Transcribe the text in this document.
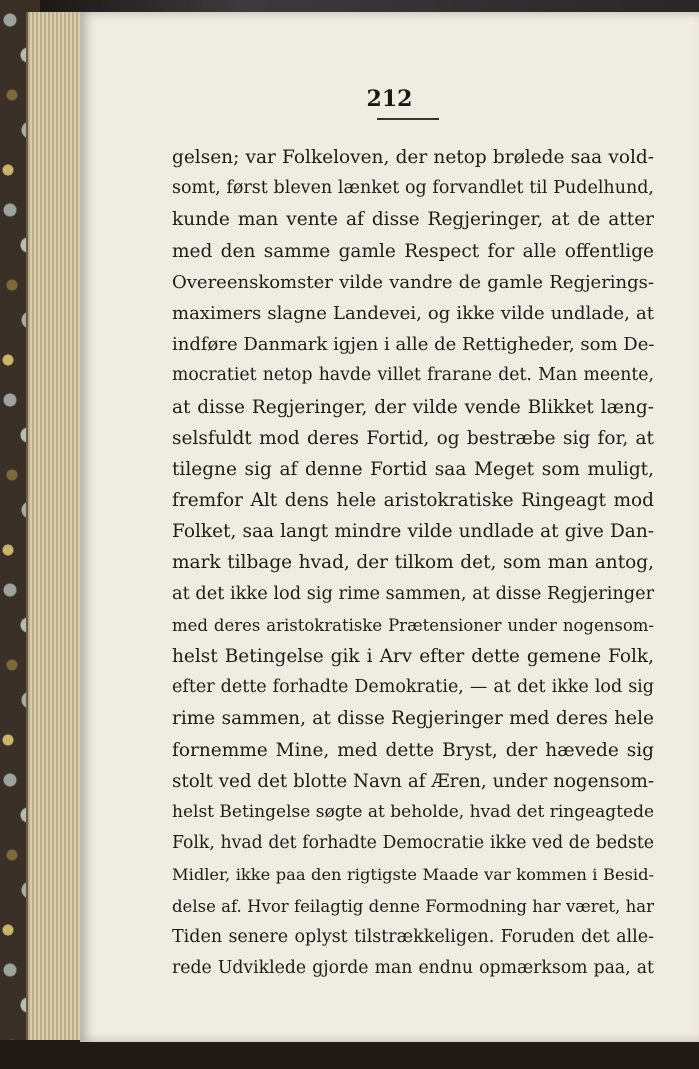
212
gelsen; var Folkeloven, der netop brølede saa vold-
somt, først bleven lænket og forvandlet til Pudelhund,
kunde man vente af disse Regjeringer, at de atter
med den samme gamle Respect for alle offentlige
Overeenskomster vilde vandre de gamle Regjerings-
maximers slagne Landevei, og ikke vilde undlade, at
indføre Danmark igjen i alle de Rettigheder, som De-
mocratiet netop havde villet frarane det. Man meente,
at disse Regjeringer, der vilde vende Blikket læng-
selsfuldt mod deres Fortid, og bestræbe sig for, at
tilegne sig af denne Fortid saa Meget som muligt,
fremfor Alt dens hele aristokratiske Ringeagt mod
Folket, saa langt mindre vilde undlade at give Dan-
mark tilbage hvad, der tilkom det, som man antog,
at det ikke lod sig rime sammen, at disse Regjeringer
med deres aristokratiske Prætensioner under nogensom-
helst Betingelse gik i Arv efter dette gemene Folk,
efter dette forhadte Demokratie, — at det ikke lod sig
rime sammen, at disse Regjeringer med deres hele
fornemme Mine, med dette Bryst, der hævede sig
stolt ved det blotte Navn af Æren, under nogensom-
helst Betingelse søgte at beholde, hvad det ringeagtede
Folk, hvad det forhadte Democratie ikke ved de bedste
Midler, ikke paa den rigtigste Maade var kommen i Besid-
delse af. Hvor feilagtig denne Formodning har været, har
Tiden senere oplyst tilstrækkeligen. Foruden det alle-
rede Udviklede gjorde man endnu opmærksom paa, at
